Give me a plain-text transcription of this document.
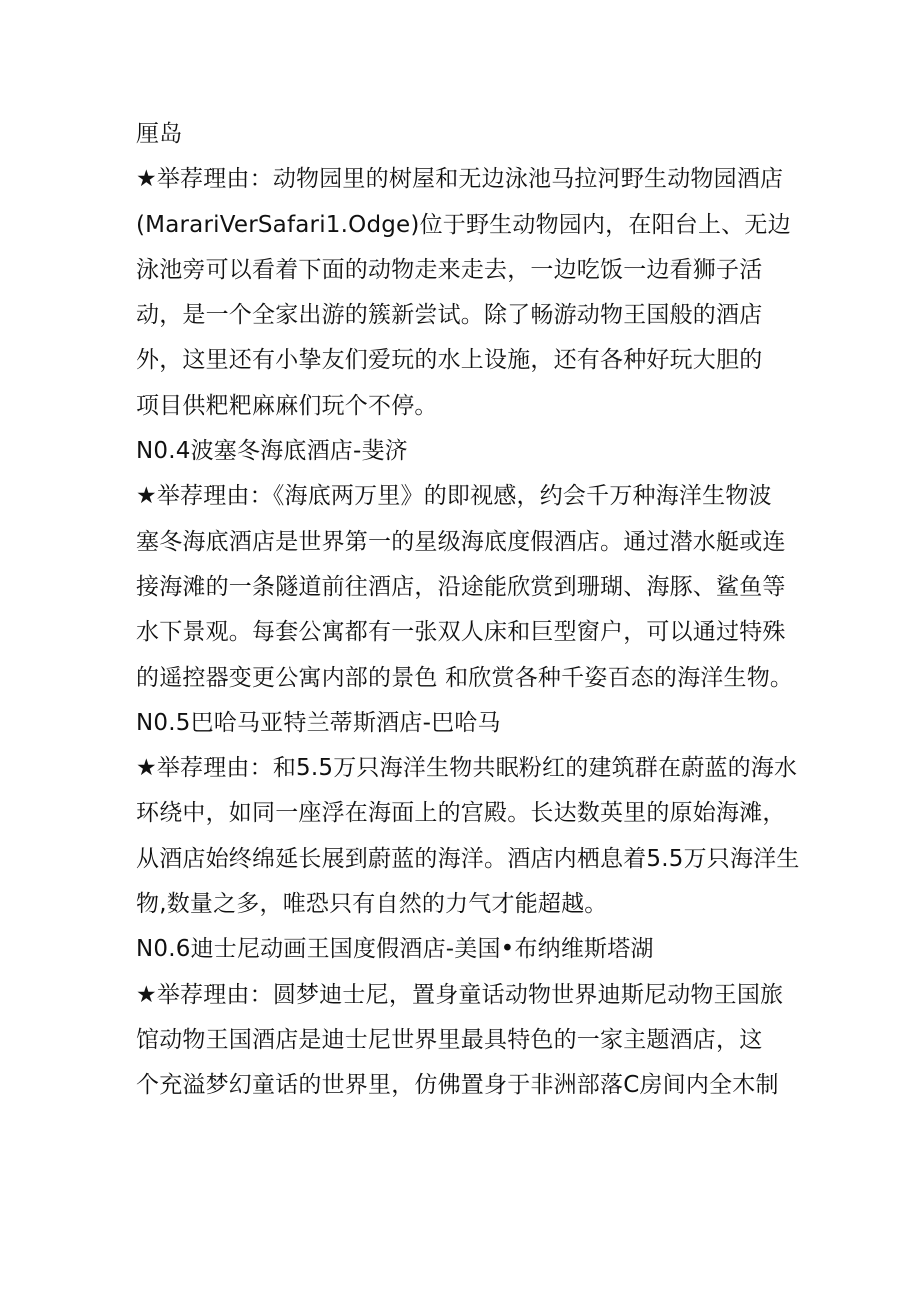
厘岛
★举荐理由：动物园里的树屋和无边泳池马拉河野生动物园酒店
(MarariVerSafari1.Odge)位于野生动物园内，在阳台上、无边
泳池旁可以看着下面的动物走来走去，一边吃饭一边看狮子活
动，是一个全家出游的簇新尝试。除了畅游动物王国般的酒店
外，这里还有小挚友们爱玩的水上设施，还有各种好玩大胆的
项目供粑粑麻麻们玩个不停。
N0.4波塞冬海底酒店-斐济
★举荐理由：《海底两万里》的即视感，约会千万种海洋生物波
塞冬海底酒店是世界第一的星级海底度假酒店。通过潜水艇或连
接海滩的一条隧道前往酒店，沿途能欣赏到珊瑚、海豚、鲨鱼等
水下景观。每套公寓都有一张双人床和巨型窗户，可以通过特殊
的遥控器变更公寓内部的景色 和欣赏各种千姿百态的海洋生物。
N0.5巴哈马亚特兰蒂斯酒店-巴哈马
★举荐理由：和5.5万只海洋生物共眠粉红的建筑群在蔚蓝的海水
环绕中，如同一座浮在海面上的宫殿。长达数英里的原始海滩，
从酒店始终绵延长展到蔚蓝的海洋。酒店内栖息着5.5万只海洋生
物,数量之多，唯恐只有自然的力气才能超越。
N0.6迪士尼动画王国度假酒店-美国•布纳维斯塔湖
★举荐理由：圆梦迪士尼，置身童话动物世界迪斯尼动物王国旅
馆动物王国酒店是迪士尼世界里最具特色的一家主题酒店，这
个充溢梦幻童话的世界里，仿佛置身于非洲部落C房间内全木制
